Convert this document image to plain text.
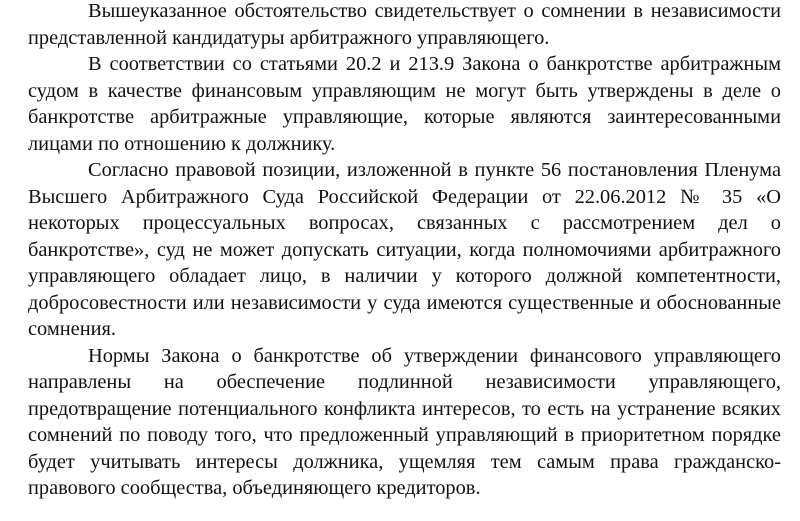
Вышеуказанное обстоятельство свидетельствует о сомнении в независимости представленной кандидатуры арбитражного управляющего.

В соответствии со статьями 20.2 и 213.9 Закона о банкротстве арбитражным судом в качестве финансовым управляющим не могут быть утверждены в деле о банкротстве арбитражные управляющие, которые являются заинтересованными лицами по отношению к должнику.

Согласно правовой позиции, изложенной в пункте 56 постановления Пленума Высшего Арбитражного Суда Российской Федерации от 22.06.2012 № 35 «О некоторых процессуальных вопросах, связанных с рассмотрением дел о банкротстве», суд не может допускать ситуации, когда полномочиями арбитражного управляющего обладает лицо, в наличии у которого должной компетентности, добросовестности или независимости у суда имеются существенные и обоснованные сомнения.

Нормы Закона о банкротстве об утверждении финансового управляющего направлены на обеспечение подлинной независимости управляющего, предотвращение потенциального конфликта интересов, то есть на устранение всяких сомнений по поводу того, что предложенный управляющий в приоритетном порядке будет учитывать интересы должника, ущемляя тем самым права гражданско-правового сообщества, объединяющего кредиторов.
